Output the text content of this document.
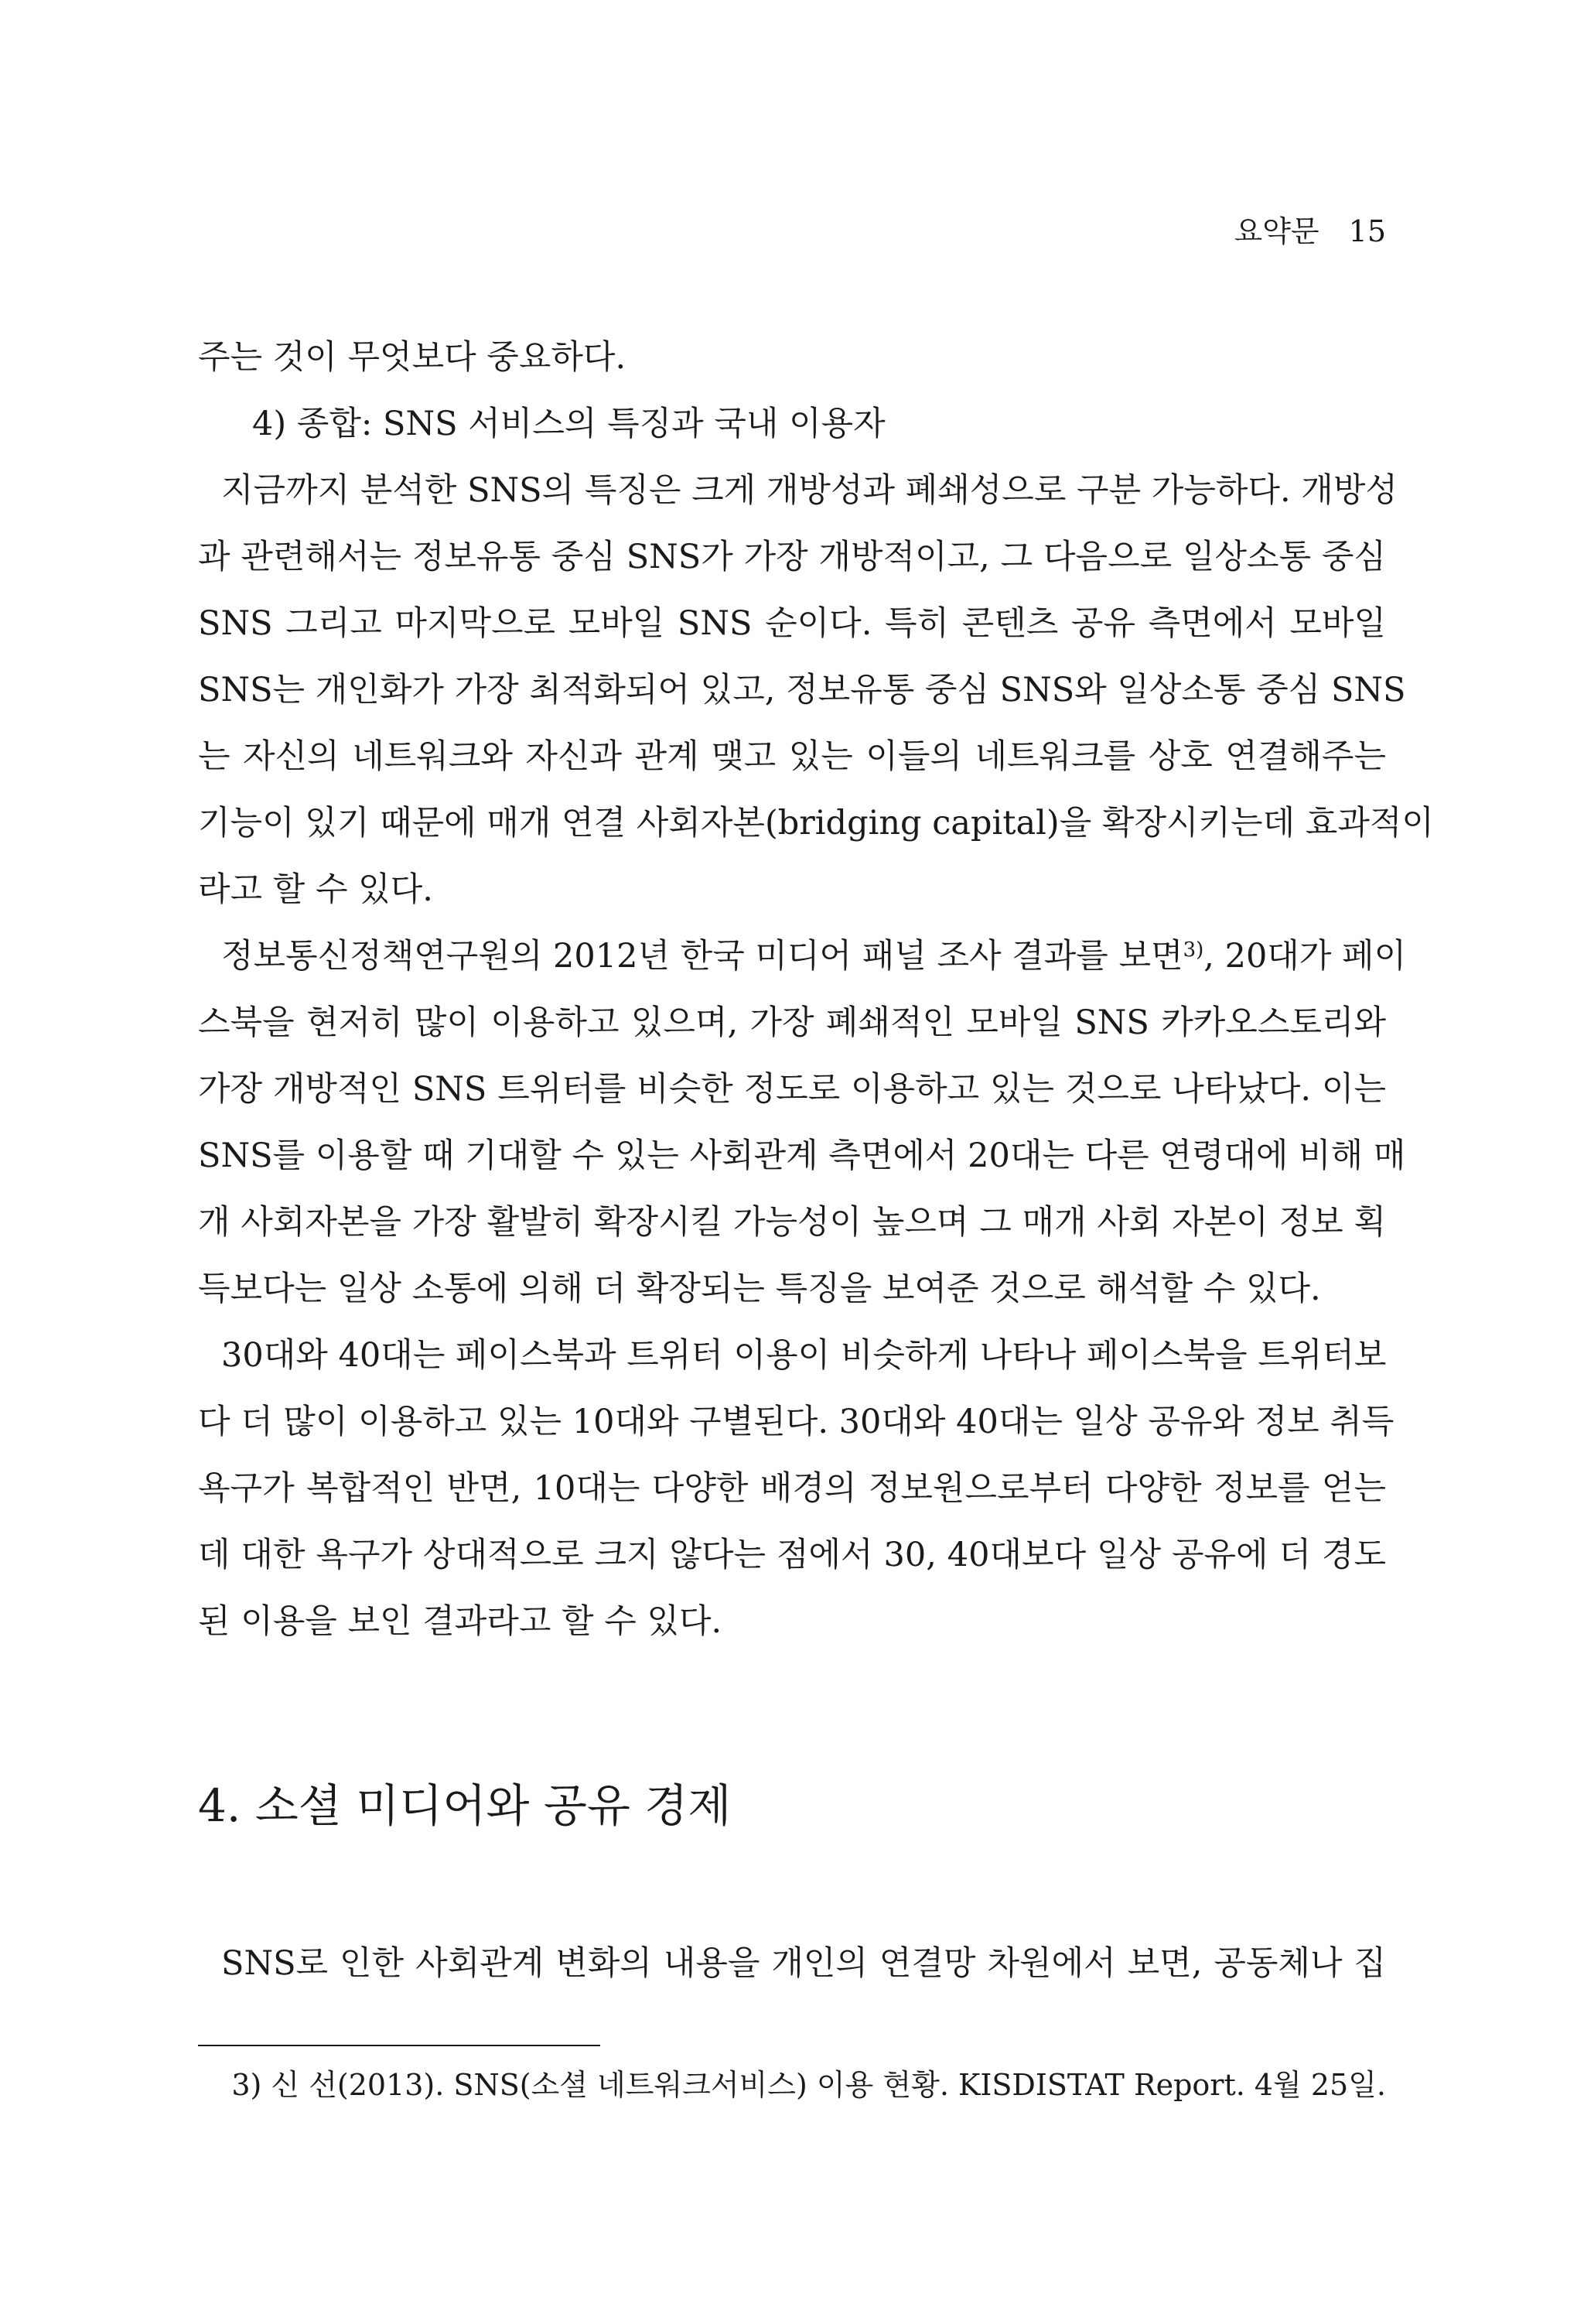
요약문 15
주는 것이 무엇보다 중요하다.
4) 종합: SNS 서비스의 특징과 국내 이용자
지금까지 분석한 SNS의 특징은 크게 개방성과 폐쇄성으로 구분 가능하다. 개방성
과 관련해서는 정보유통 중심 SNS가 가장 개방적이고, 그 다음으로 일상소통 중심
SNS 그리고 마지막으로 모바일 SNS 순이다. 특히 콘텐츠 공유 측면에서 모바일
SNS는 개인화가 가장 최적화되어 있고, 정보유통 중심 SNS와 일상소통 중심 SNS
는 자신의 네트워크와 자신과 관계 맺고 있는 이들의 네트워크를 상호 연결해주는
기능이 있기 때문에 매개 연결 사회자본(bridging capital)을 확장시키는데 효과적이
라고 할 수 있다.
정보통신정책연구원의 2012년 한국 미디어 패널 조사 결과를 보면$^{3)}$, 20대가 페이
스북을 현저히 많이 이용하고 있으며, 가장 폐쇄적인 모바일 SNS 카카오스토리와
가장 개방적인 SNS 트위터를 비슷한 정도로 이용하고 있는 것으로 나타났다. 이는
SNS를 이용할 때 기대할 수 있는 사회관계 측면에서 20대는 다른 연령대에 비해 매
개 사회자본을 가장 활발히 확장시킬 가능성이 높으며 그 매개 사회 자본이 정보 획
득보다는 일상 소통에 의해 더 확장되는 특징을 보여준 것으로 해석할 수 있다.
30대와 40대는 페이스북과 트위터 이용이 비슷하게 나타나 페이스북을 트위터보
다 더 많이 이용하고 있는 10대와 구별된다. 30대와 40대는 일상 공유와 정보 취득
욕구가 복합적인 반면, 10대는 다양한 배경의 정보원으로부터 다양한 정보를 얻는
데 대한 욕구가 상대적으로 크지 않다는 점에서 30, 40대보다 일상 공유에 더 경도
된 이용을 보인 결과라고 할 수 있다.
4. 소셜 미디어와 공유 경제
SNS로 인한 사회관계 변화의 내용을 개인의 연결망 차원에서 보면, 공동체나 집
3) 신 선(2013). SNS(소셜 네트워크서비스) 이용 현황. KISDISTAT Report. 4월 25일.
